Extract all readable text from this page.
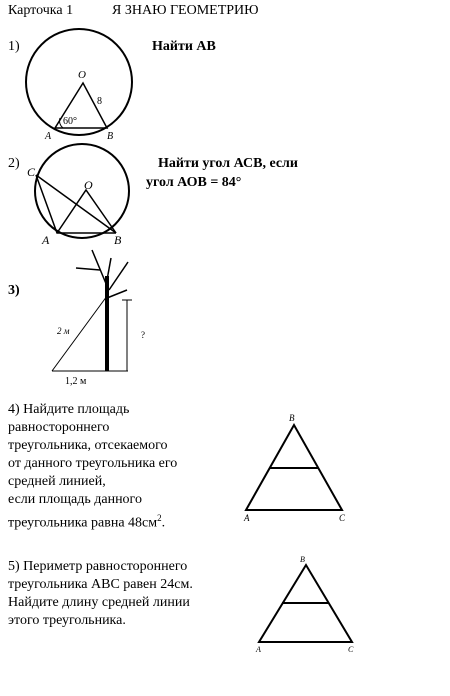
Карточка 1	Я ЗНАЮ ГЕОМЕТРИЮ
1)	Найти АВ
O
8
60°
A	B
2)	Найти угол АСВ, если
угол АОВ = 84°
C
O
A	B
3)
2 м	?
1,2 м
4) Найдите площадь
равностороннего
треугольника, отсекаемого
от данного треугольника его
средней линией,
если площадь данного
треугольника равна $48см^2$.
B
A	C
5) Периметр равностороннего
треугольника АВС равен 24см.
Найдите длину средней линии
этого треугольника.
B
A	C
